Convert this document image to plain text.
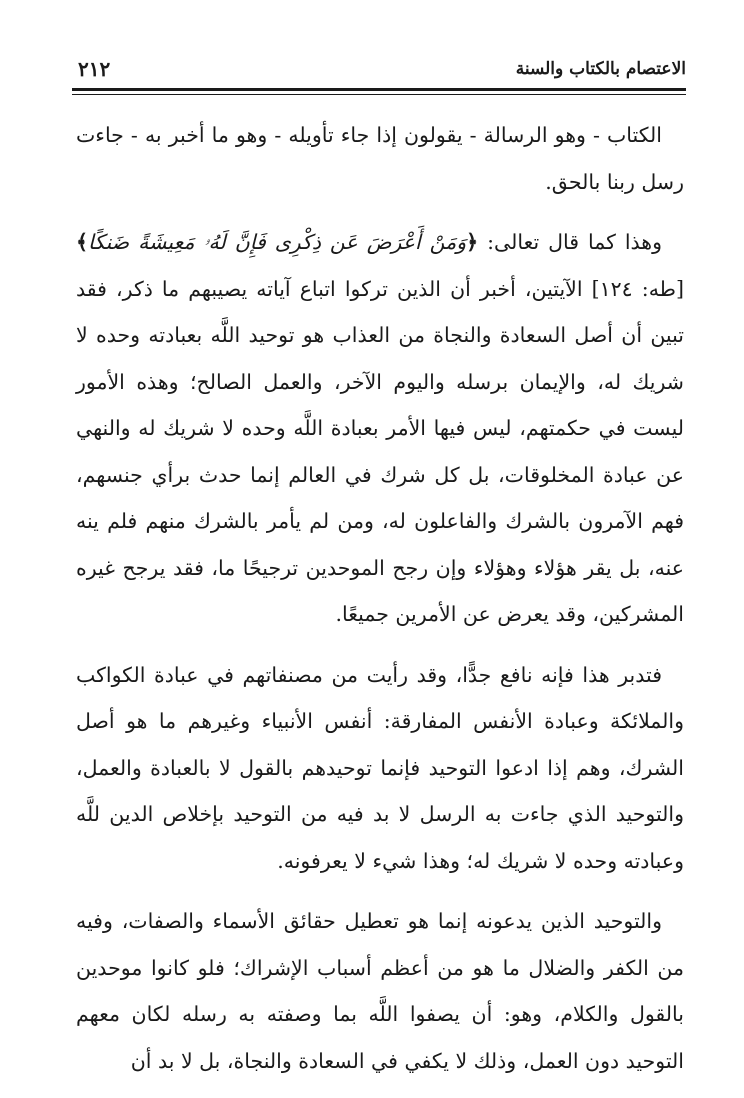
الاعتصام بالكتاب والسنة
٢١٢

الكتاب - وهو الرسالة - يقولون إذا جاء تأويله - وهو ما أخبر به - جاءت رسل ربنا بالحق.

وهذا كما قال تعالى: ﴿وَمَنْ أَعْرَضَ عَن ذِكْرِى فَإِنَّ لَهُۥ مَعِيشَةً ضَنكًا﴾ [طه: ١٢٤] الآيتين، أخبر أن الذين تركوا اتباع آياته يصيبهم ما ذكر، فقد تبين أن أصل السعادة والنجاة من العذاب هو توحيد اللَّه بعبادته وحده لا شريك له، والإيمان برسله واليوم الآخر، والعمل الصالح؛ وهذه الأمور ليست في حكمتهم، ليس فيها الأمر بعبادة اللَّه وحده لا شريك له والنهي عن عبادة المخلوقات، بل كل شرك في العالم إنما حدث برأي جنسهم، فهم الآمرون بالشرك والفاعلون له، ومن لم يأمر بالشرك منهم فلم ينه عنه، بل يقر هؤلاء وهؤلاء وإن رجح الموحدين ترجيحًا ما، فقد يرجح غيره المشركين، وقد يعرض عن الأمرين جميعًا.

فتدبر هذا فإنه نافع جدًّا، وقد رأيت من مصنفاتهم في عبادة الكواكب والملائكة وعبادة الأنفس المفارقة: أنفس الأنبياء وغيرهم ما هو أصل الشرك، وهم إذا ادعوا التوحيد فإنما توحيدهم بالقول لا بالعبادة والعمل، والتوحيد الذي جاءت به الرسل لا بد فيه من التوحيد بإخلاص الدين للَّه وعبادته وحده لا شريك له؛ وهذا شيء لا يعرفونه.

والتوحيد الذين يدعونه إنما هو تعطيل حقائق الأسماء والصفات، وفيه من الكفر والضلال ما هو من أعظم أسباب الإشراك؛ فلو كانوا موحدين بالقول والكلام، وهو: أن يصفوا اللَّه بما وصفته به رسله لكان معهم التوحيد دون العمل، وذلك لا يكفي في السعادة والنجاة، بل لا بد أن
